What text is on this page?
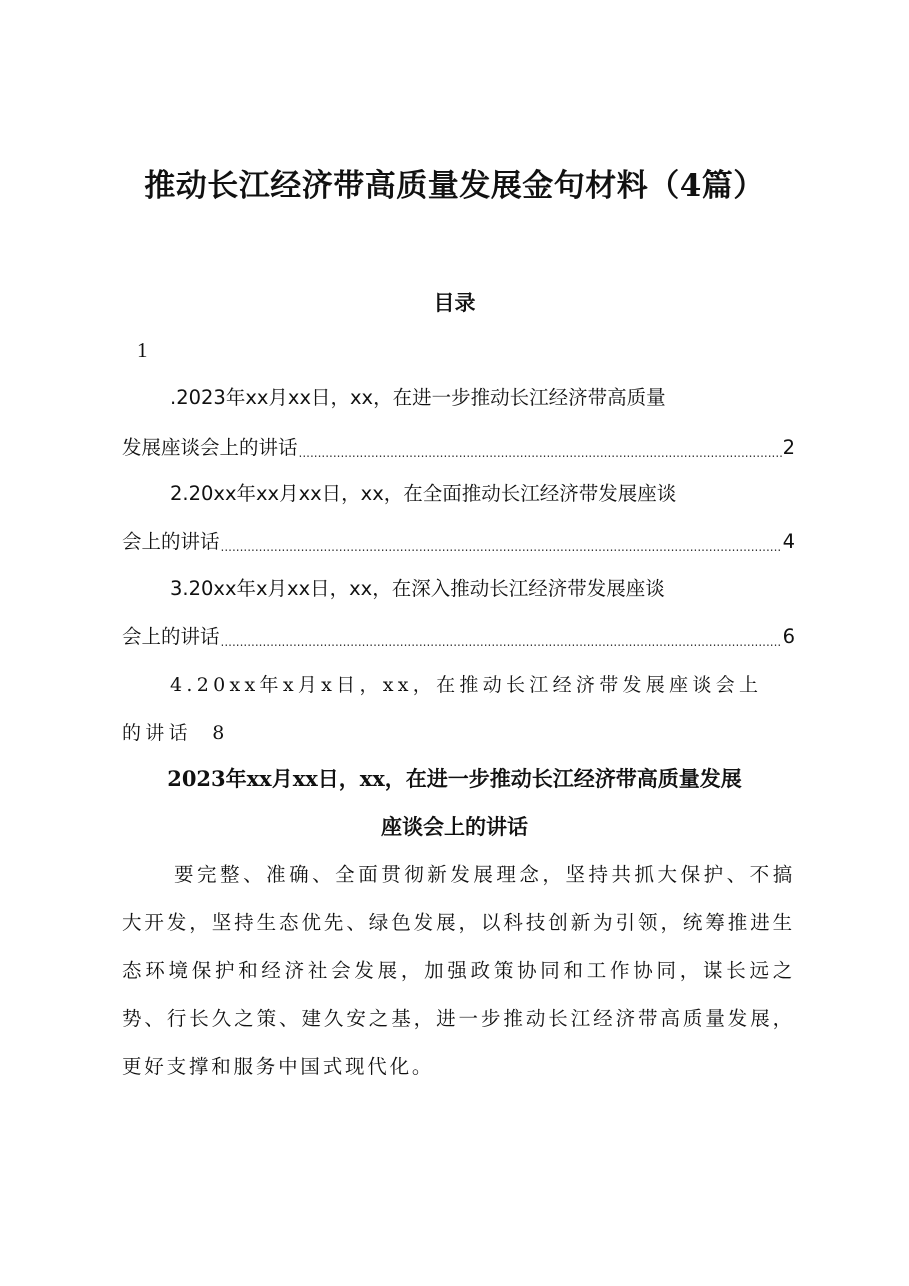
推动长江经济带高质量发展金句材料（4篇）
目录
1
.2023年xx月xx日，xx，在进一步推动长江经济带高质量
发展座谈会上的讲话 .....	2
2.20xx年xx月xx日，xx，在全面推动长江经济带发展座谈
会上的讲话 .....	4
3.20xx年x月xx日，xx，在深入推动长江经济带发展座谈
会上的讲话 .....	6
4.20xx年x月x日，xx，在推动长江经济带发展座谈会上
的讲话 8
2023年xx月xx日，xx，在进一步推动长江经济带高质量发展
座谈会上的讲话
要完整、准确、全面贯彻新发展理念，坚持共抓大保护、不搞大开发，坚持生态优先、绿色发展，以科技创新为引领，统筹推进生态环境保护和经济社会发展，加强政策协同和工作协同，谋长远之势、行长久之策、建久安之基，进一步推动长江经济带高质量发展，更好支撑和服务中国式现代化。
